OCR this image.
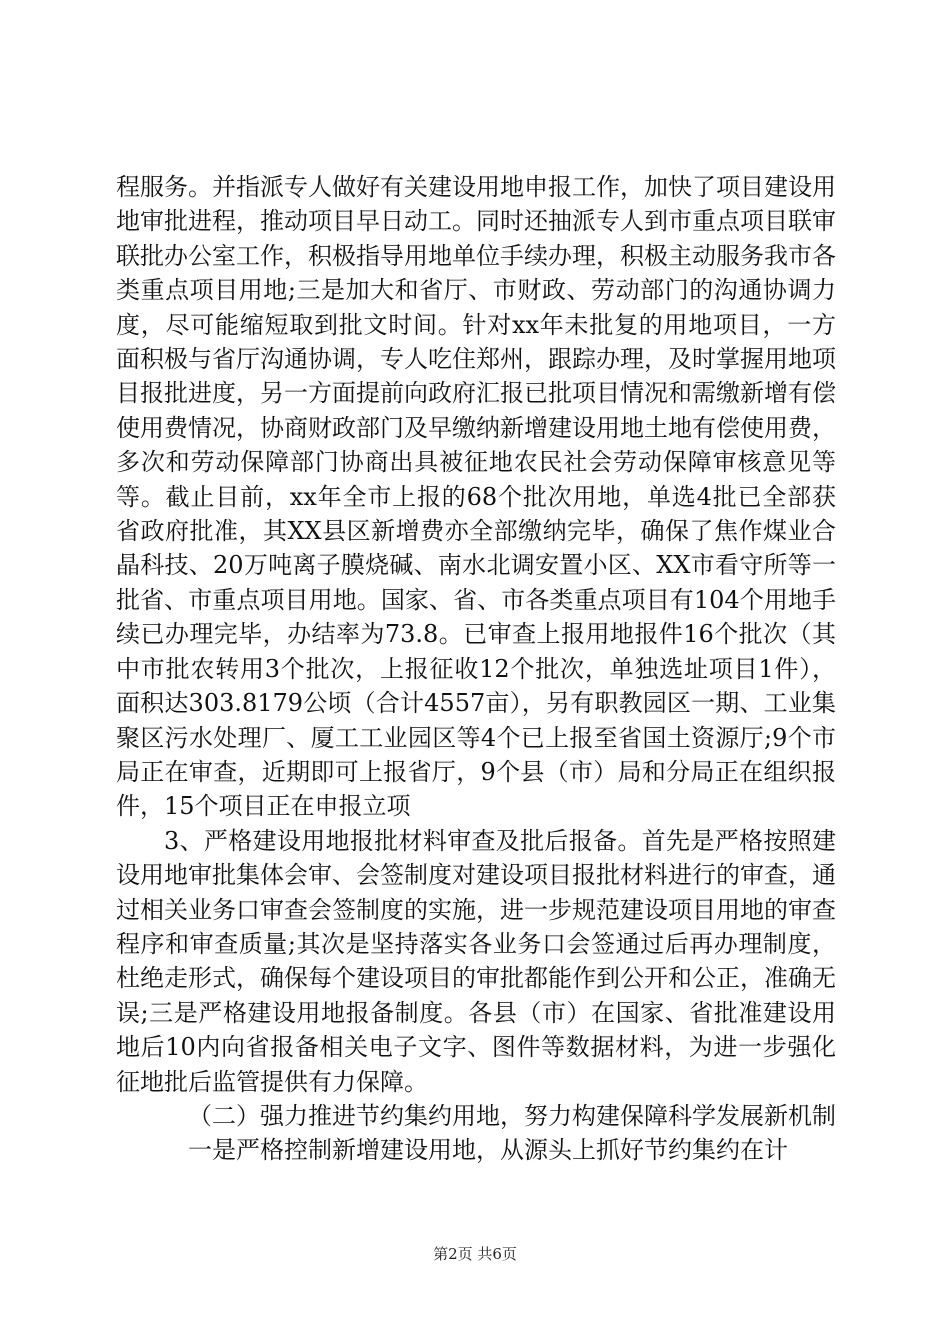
程服务。并指派专人做好有关建设用地申报工作，加快了项目建设用地审批进程，推动项目早日动工。同时还抽派专人到市重点项目联审联批办公室工作，积极指导用地单位手续办理，积极主动服务我市各类重点项目用地;三是加大和省厅、市财政、劳动部门的沟通协调力度，尽可能缩短取到批文时间。针对xx年未批复的用地项目，一方面积极与省厅沟通协调，专人吃住郑州，跟踪办理，及时掌握用地项目报批进度，另一方面提前向政府汇报已批项目情况和需缴新增有偿使用费情况，协商财政部门及早缴纳新增建设用地土地有偿使用费，多次和劳动保障部门协商出具被征地农民社会劳动保障审核意见等等。截止目前，xx年全市上报的68个批次用地，单选4批已全部获省政府批准，其XX县区新增费亦全部缴纳完毕，确保了焦作煤业合晶科技、20万吨离子膜烧碱、南水北调安置小区、XX市看守所等一批省、市重点项目用地。国家、省、市各类重点项目有104个用地手续已办理完毕，办结率为73.8。已审查上报用地报件16个批次（其中市批农转用3个批次，上报征收12个批次，单独选址项目1件），面积达303.8179公顷（合计4557亩），另有职教园区一期、工业集聚区污水处理厂、厦工工业园区等4个已上报至省国土资源厅;9个市局正在审查，近期即可上报省厅，9个县（市）局和分局正在组织报件，15个项目正在申报立项

3、严格建设用地报批材料审查及批后报备。首先是严格按照建设用地审批集体会审、会签制度对建设项目报批材料进行的审查，通过相关业务口审查会签制度的实施，进一步规范建设项目用地的审查程序和审查质量;其次是坚持落实各业务口会签通过后再办理制度，杜绝走形式，确保每个建设项目的审批都能作到公开和公正，准确无误;三是严格建设用地报备制度。各县（市）在国家、省批准建设用地后10内向省报备相关电子文字、图件等数据材料，为进一步强化征地批后监管提供有力保障。

（二）强力推进节约集约用地，努力构建保障科学发展新机制

一是严格控制新增建设用地，从源头上抓好节约集约在计

第2页 共6页
